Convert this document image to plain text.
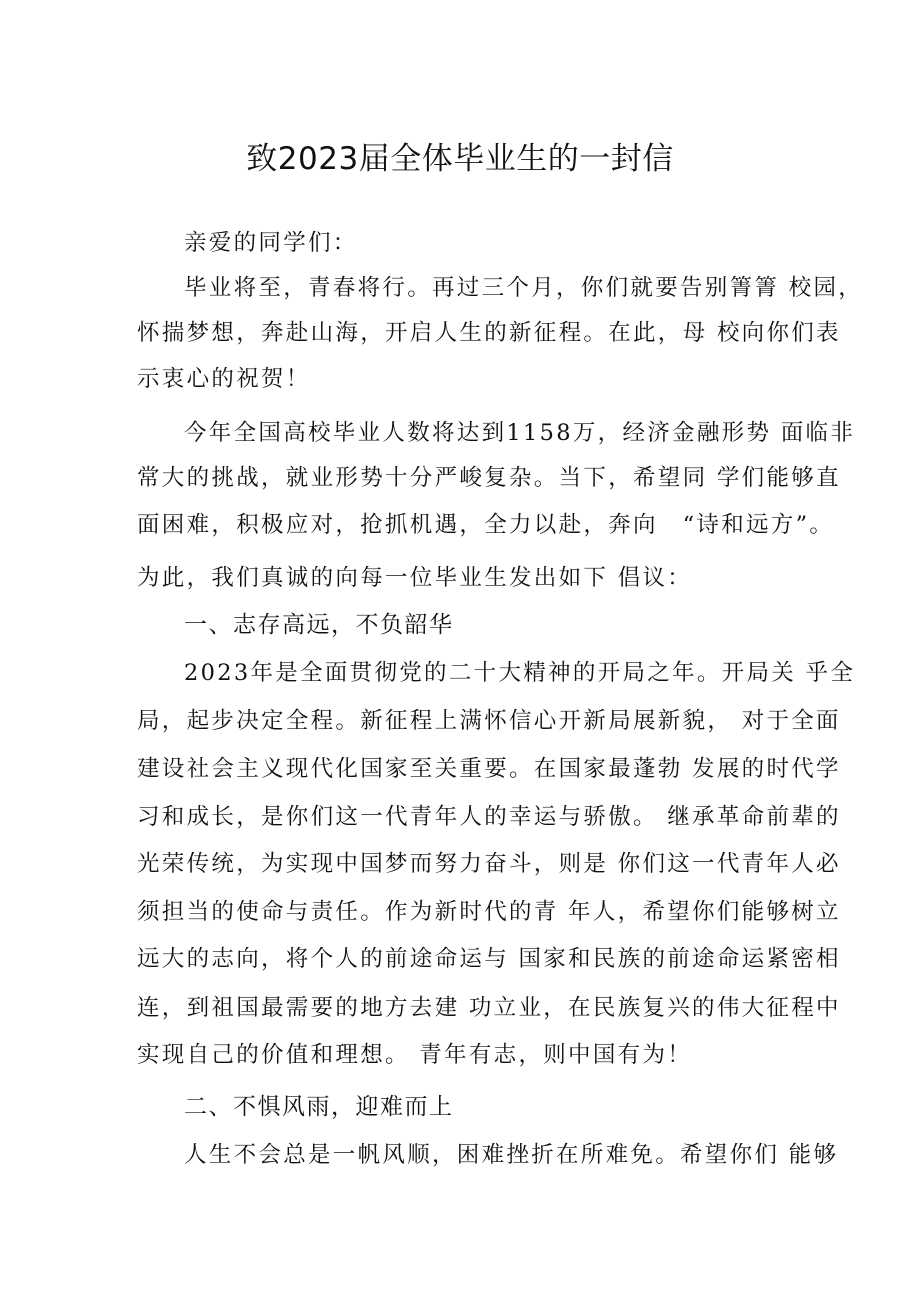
致2023届全体毕业生的一封信

亲爱的同学们：

毕业将至，青春将行。再过三个月，你们就要告别箐箐 校园，

怀揣梦想，奔赴山海，开启人生的新征程。在此，母 校向你们表

示衷心的祝贺！

今年全国高校毕业人数将达到1158万，经济金融形势 面临非

常大的挑战，就业形势十分严峻复杂。当下，希望同 学们能够直

面困难，积极应对，抢抓机遇，全力以赴，奔向　“诗和远方”。

为此，我们真诚的向每一位毕业生发出如下 倡议：

一、志存高远，不负韶华

2023年是全面贯彻党的二十大精神的开局之年。开局关 乎全

局，起步决定全程。新征程上满怀信心开新局展新貌， 对于全面

建设社会主义现代化国家至关重要。在国家最蓬勃 发展的时代学

习和成长，是你们这一代青年人的幸运与骄傲。 继承革命前辈的

光荣传统，为实现中国梦而努力奋斗，则是 你们这一代青年人必

须担当的使命与责任。作为新时代的青 年人，希望你们能够树立

远大的志向，将个人的前途命运与 国家和民族的前途命运紧密相

连，到祖国最需要的地方去建 功立业，在民族复兴的伟大征程中

实现自己的价值和理想。 青年有志，则中国有为！

二、不惧风雨，迎难而上

人生不会总是一帆风顺，困难挫折在所难免。希望你们 能够
